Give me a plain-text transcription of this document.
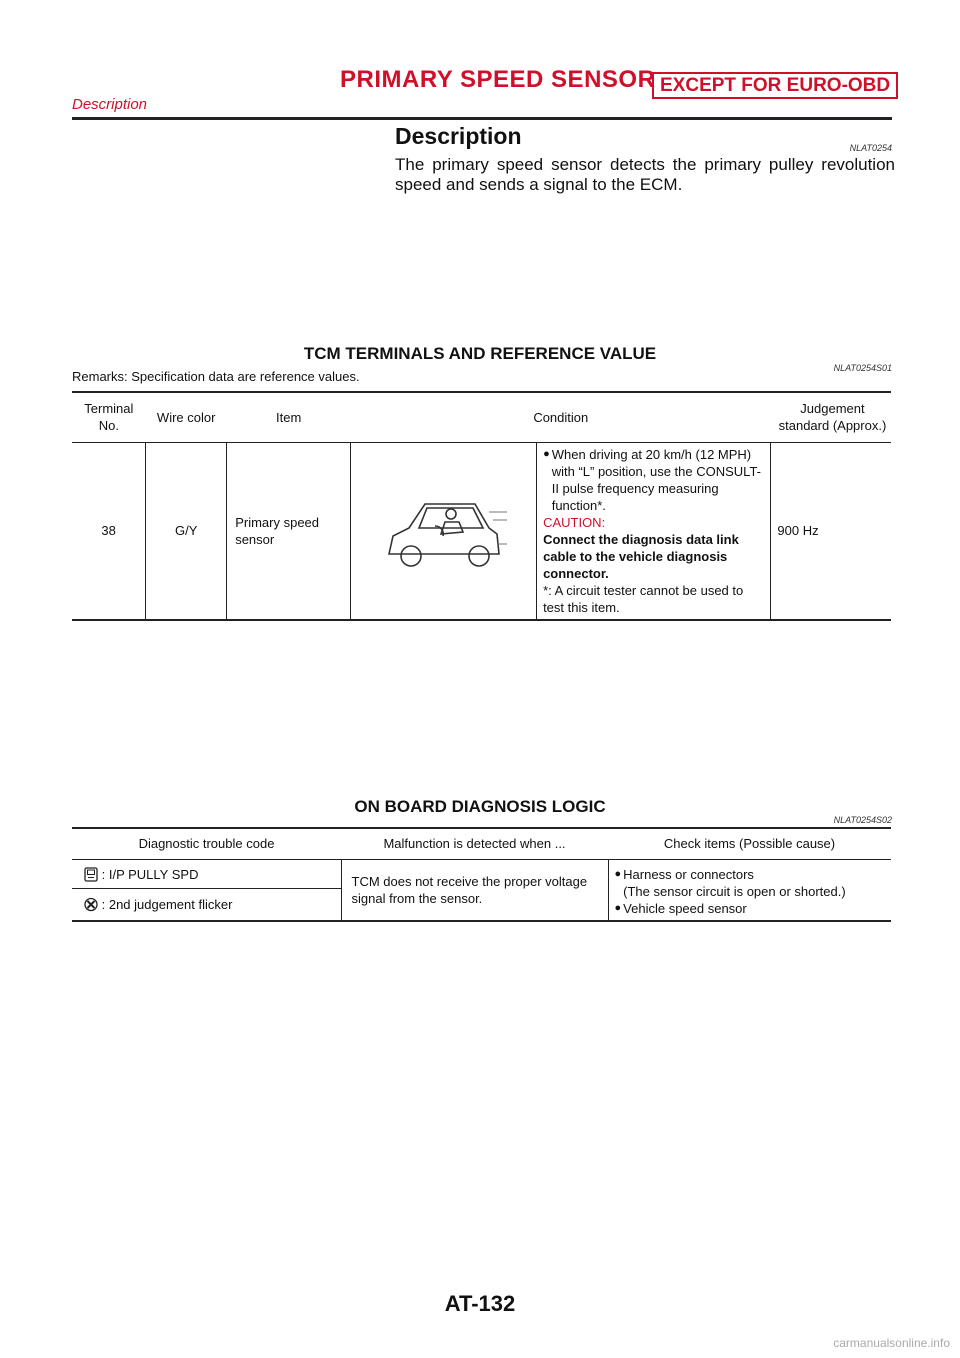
PRIMARY SPEED SENSOR EXCEPT FOR EURO-OBD
Description
Description	NLAT0254
The primary speed sensor detects the primary pulley revolution
speed and sends a signal to the ECM.
TCM TERMINALS AND REFERENCE VALUE
NLAT0254S01
Remarks: Specification data are reference values.
Terminal No.	Wire color	Item	Condition		Judgement standard (Approx.)
38	G/Y	Primary speed sensor		● When driving at 20 km/h (12 MPH) with “L” position, use the CONSULT-II pulse frequency measuring function*.
CAUTION:
Connect the diagnosis data link cable to the vehicle diagnosis connector.
*: A circuit tester cannot be used to test this item.	900 Hz
ON BOARD DIAGNOSIS LOGIC
NLAT0254S02
Diagnostic trouble code	Malfunction is detected when ...	Check items (Possible cause)
: I/P PULLY SPD	TCM does not receive the proper voltage signal from the sensor.	● Harness or connectors
(The sensor circuit is open or shorted.)
● Vehicle speed sensor

: 2nd judgement flicker		
AT-132
carmanualsonline.info
